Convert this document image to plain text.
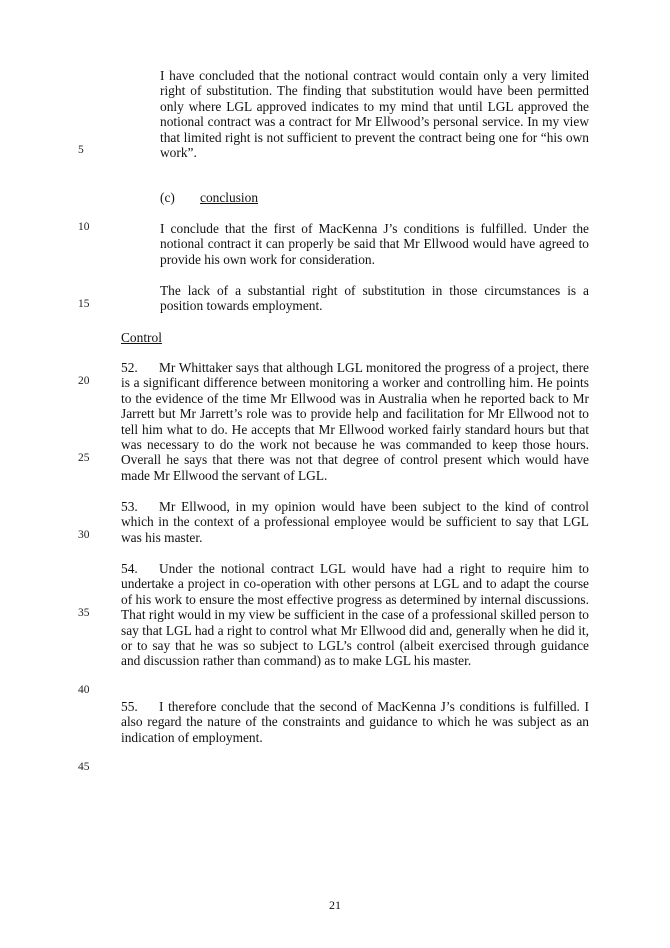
5
10
15
20
25
30
35
40
45

I have concluded that the notional contract would contain only a very limited right of substitution. The finding that substitution would have been permitted only where LGL approved indicates to my mind that until LGL approved the notional contract was a contract for Mr Ellwood’s personal service. In my view that limited right is not sufficient to prevent the contract being one for “his own work”.

(c) conclusion

I conclude that the first of MacKenna J’s conditions is fulfilled. Under the notional contract it can properly be said that Mr Ellwood would have agreed to provide his own work for consideration.

The lack of a substantial right of substitution in those circumstances is a position towards employment.

Control

52. Mr Whittaker says that although LGL monitored the progress of a project, there is a significant difference between monitoring a worker and controlling him. He points to the evidence of the time Mr Ellwood was in Australia when he reported back to Mr Jarrett but Mr Jarrett’s role was to provide help and facilitation for Mr Ellwood not to tell him what to do. He accepts that Mr Ellwood worked fairly standard hours but that was necessary to do the work not because he was commanded to keep those hours. Overall he says that there was not that degree of control present which would have made Mr Ellwood the servant of LGL.

53. Mr Ellwood, in my opinion would have been subject to the kind of control which in the context of a professional employee would be sufficient to say that LGL was his master.

54. Under the notional contract LGL would have had a right to require him to undertake a project in co-operation with other persons at LGL and to adapt the course of his work to ensure the most effective progress as determined by internal discussions. That right would in my view be sufficient in the case of a professional skilled person to say that LGL had a right to control what Mr Ellwood did and, generally when he did it, or to say that he was so subject to LGL’s control (albeit exercised through guidance and discussion rather than command) as to make LGL his master.

55. I therefore conclude that the second of MacKenna J’s conditions is fulfilled. I also regard the nature of the constraints and guidance to which he was subject as an indication of employment.

21
